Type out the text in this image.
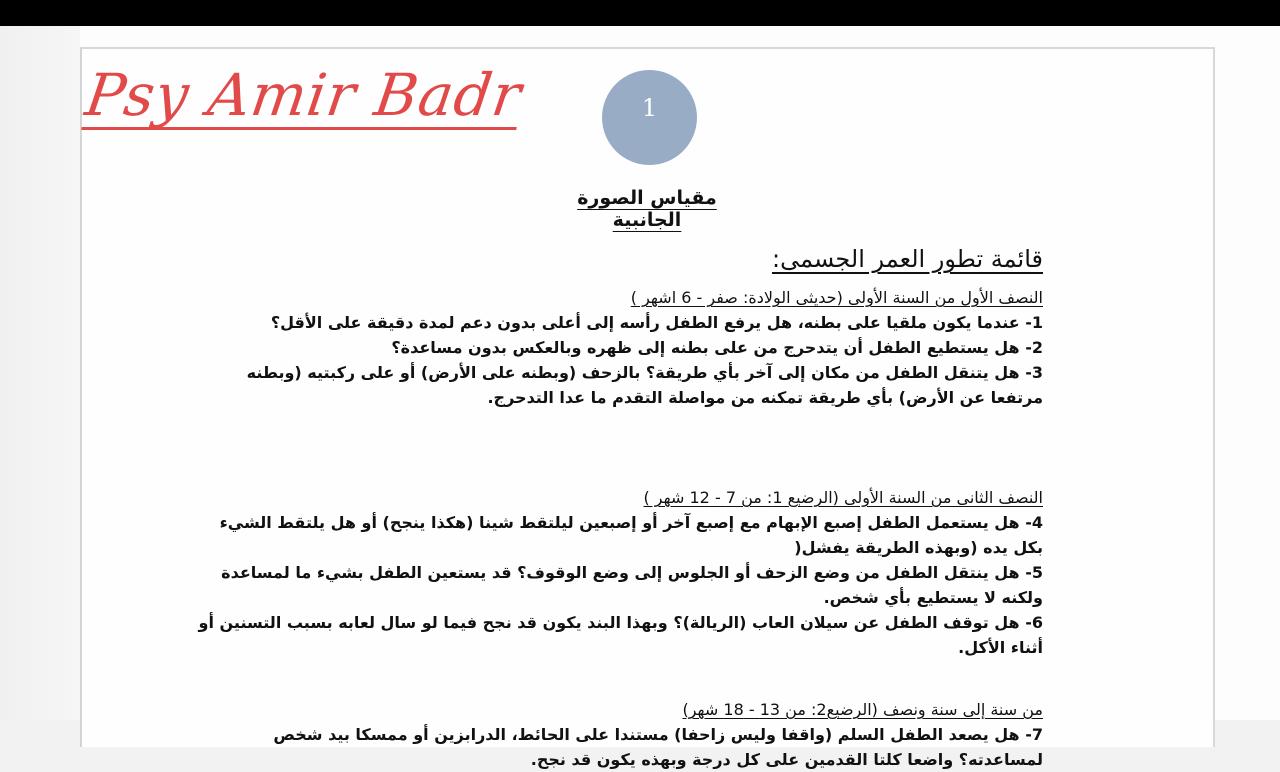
Psy Amir Badr	1
مقياس الصورة الجانبية
قائمة تطور العمر الجسمى:
النصف الأول من السنة الأولى (حديثى الولادة: صفر - 6 اشهر )
1- عندما يكون ملقيا على بطنه، هل يرفع الطفل رأسه إلى أعلى بدون دعم لمدة دقيقة على الأقل؟
2- هل يستطيع الطفل أن يتدحرج من على بطنه إلى ظهره وبالعكس بدون مساعدة؟
3- هل يتنقل الطفل من مكان إلى آخر بأي طريقة؟ بالزحف (وبطنه على الأرض) أو على ركبتيه (وبطنه
مرتفعا عن الأرض) بأي طريقة تمكنه من مواصلة التقدم ما عدا التدحرج.
النصف الثانى من السنة الأولى (الرضيع 1: من 7 - 12 شهر )
4- هل يستعمل الطفل إصبع الإبهام مع إصبع آخر أو إصبعين ليلتقط شينا (هكذا ينجح) أو هل يلتقط الشيء
بكل يده (وبهذه الطريقة يفشل(
5- هل ينتقل الطفل من وضع الزحف أو الجلوس إلى وضع الوقوف؟ قد يستعين الطفل بشيء ما لمساعدة
ولكنه لا يستطيع بأي شخص.
6- هل توقف الطفل عن سيلان العاب (الريالة)؟ وبهذا البند يكون قد نجح فيما لو سال لعابه بسبب التسنين أو
أثناء الأكل.
من سنة إلى سنة ونصف (الرضيع2: من 13 - 18 شهر)
7- هل يصعد الطفل السلم (واقفا وليس زاحفا) مستندا على الحائط، الدرابزين أو ممسكا بيد شخص
لمساعدته؟ واضعا كلتا القدمين على كل درجة وبهذه يكون قد نجح.
